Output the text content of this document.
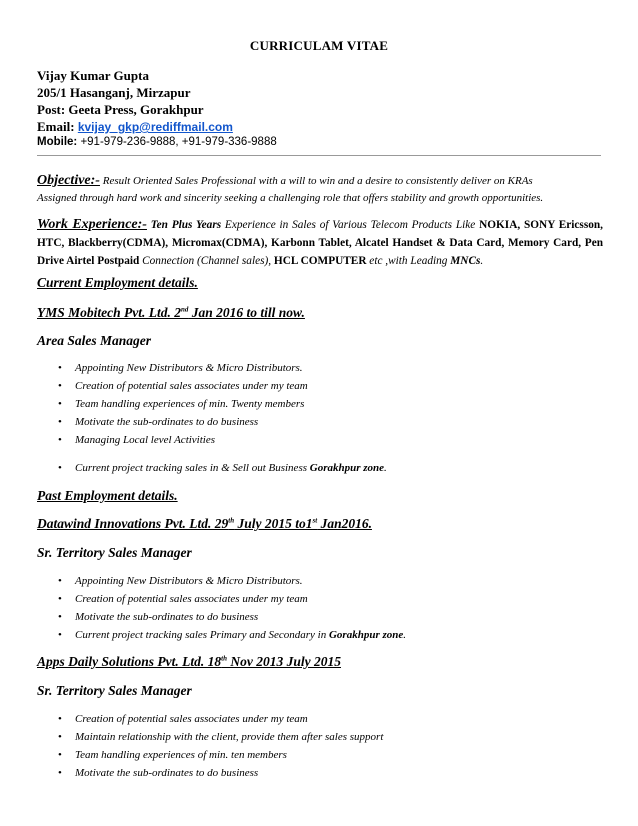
CURRICULAM VITAE
Vijay Kumar Gupta
205/1 Hasanganj, Mirzapur
Post: Geeta Press, Gorakhpur
Email: kvijay_gkp@rediffmail.com
Mobile: +91-979-236-9888, +91-979-336-9888
Objective:- Result Oriented Sales Professional with a will to win and a desire to consistently deliver on KRAs
Assigned through hard work and sincerity seeking a challenging role that offers stability and growth opportunities.
Work Experience:- Ten Plus Years Experience in Sales of Various Telecom Products Like NOKIA, SONY Ericsson, HTC, Blackberry(CDMA), Micromax(CDMA), Karbonn Tablet, Alcatel Handset & Data Card, Memory Card, Pen Drive Airtel Postpaid Connection (Channel sales), HCL COMPUTER etc ,with Leading MNCs.
Current Employment details.
YMS Mobitech Pvt. Ltd. 2nd Jan 2016 to till now.
Area Sales Manager
• Appointing New Distributors & Micro Distributors.
• Creation of potential sales associates under my team
• Team handling experiences of min. Twenty members
• Motivate the sub-ordinates to do business
• Managing Local level Activities
• Current project tracking sales in & Sell out Business Gorakhpur zone.
Past Employment details.
Datawind Innovations Pvt. Ltd. 29th July 2015 to1st Jan2016.
Sr. Territory Sales Manager
• Appointing New Distributors & Micro Distributors.
• Creation of potential sales associates under my team
• Motivate the sub-ordinates to do business
• Current project tracking sales Primary and Secondary in Gorakhpur zone.
Apps Daily Solutions Pvt. Ltd. 18th Nov 2013 July 2015
Sr. Territory Sales Manager
• Creation of potential sales associates under my team
• Maintain relationship with the client, provide them after sales support
• Team handling experiences of min. ten members
• Motivate the sub-ordinates to do business
